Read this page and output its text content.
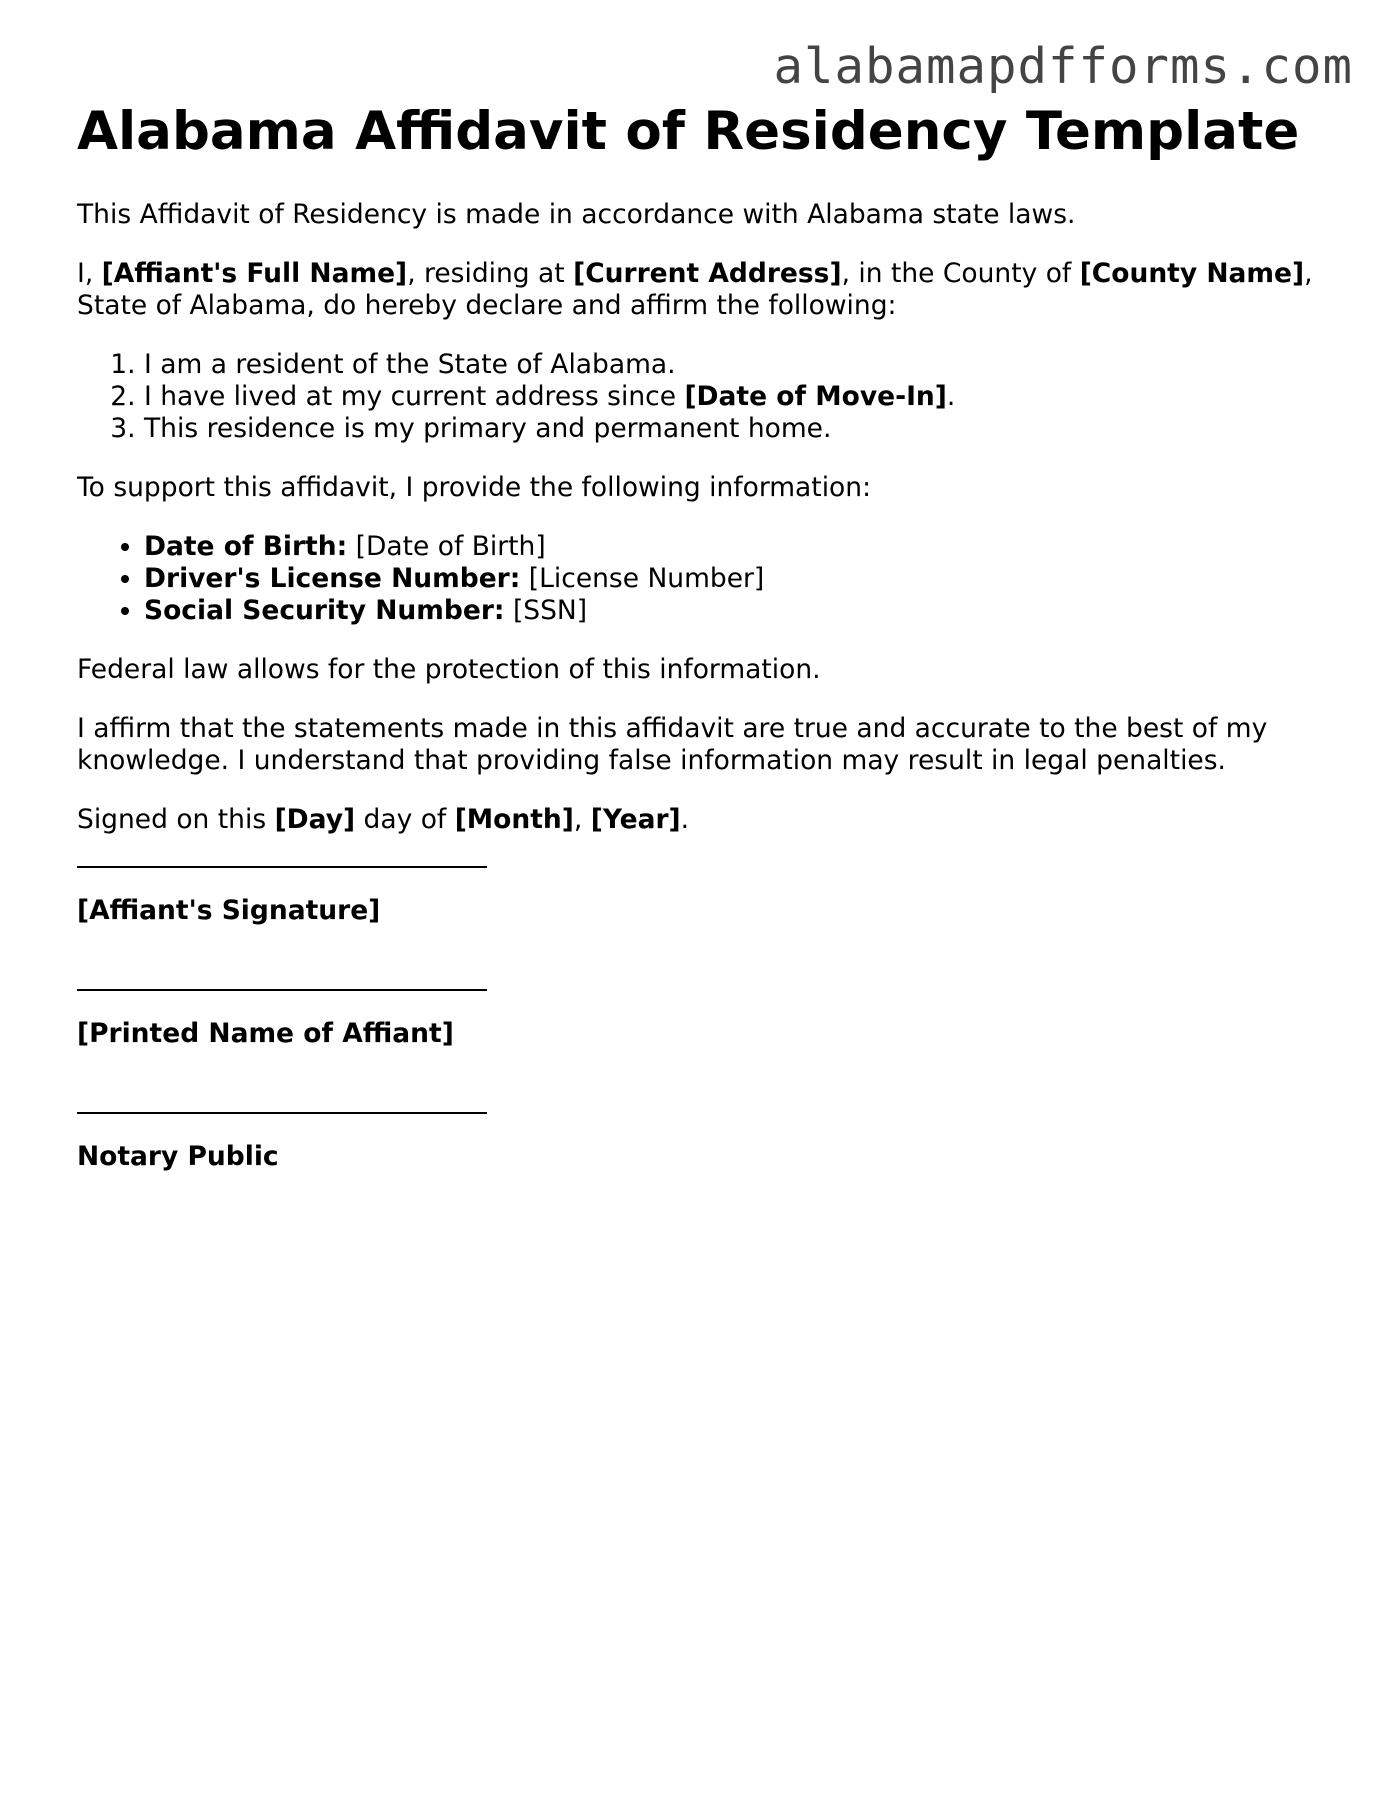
alabamapdfforms.com
Alabama Affidavit of Residency Template

This Affidavit of Residency is made in accordance with Alabama state laws.

I, [Affiant's Full Name], residing at [Current Address], in the County of [County Name], State of Alabama, do hereby declare and affirm the following:

1. I am a resident of the State of Alabama.
2. I have lived at my current address since [Date of Move-In].
3. This residence is my primary and permanent home.

To support this affidavit, I provide the following information:

• Date of Birth: [Date of Birth]
• Driver's License Number: [License Number]
• Social Security Number: [SSN]

Federal law allows for the protection of this information.

I affirm that the statements made in this affidavit are true and accurate to the best of my knowledge. I understand that providing false information may result in legal penalties.

Signed on this [Day] day of [Month], [Year].

[Affiant's Signature]
[Printed Name of Affiant]
Notary Public
